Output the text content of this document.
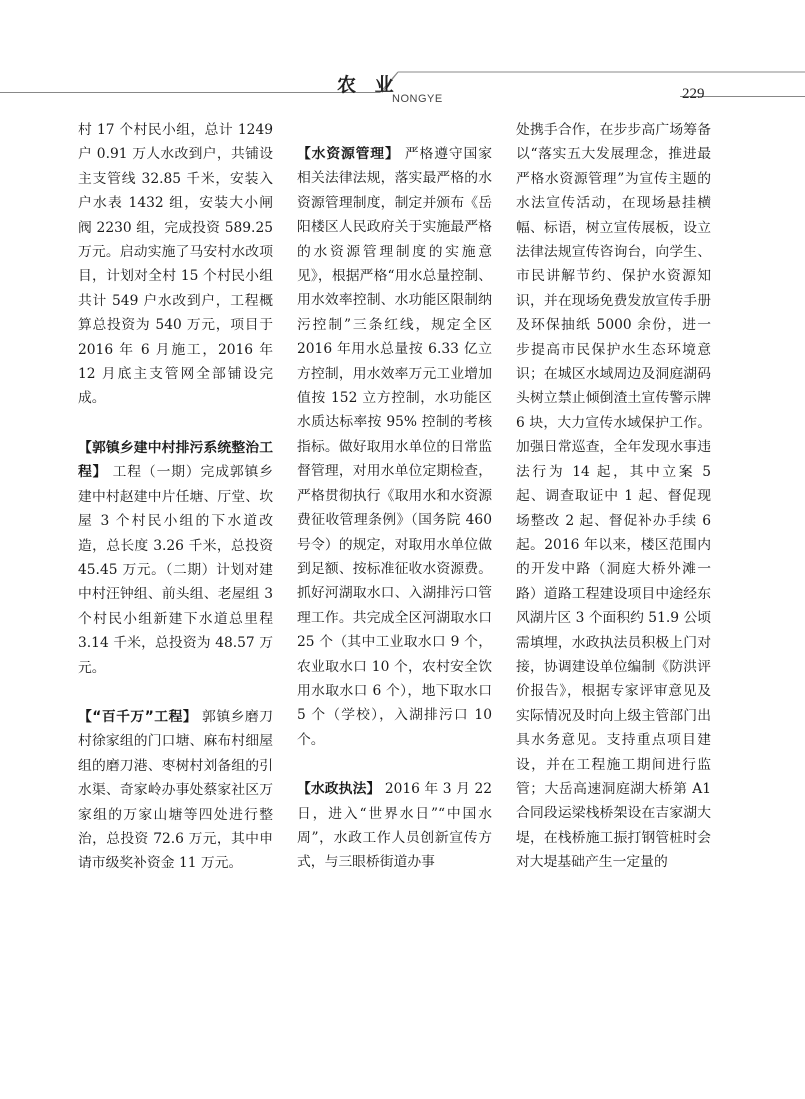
农 业
NONGYE	229

村 17 个村民小组，总计 1249 户 0.91 万人水改到户，共铺设主支管线 32.85 千米，安装入户水表 1432 组，安装大小闸阀 2230 组，完成投资 589.25 万元。启动实施了马安村水改项目，计划对全村 15 个村民小组共计 549 户水改到户，工程概算总投资为 540 万元，项目于 2016 年 6 月施工，2016 年 12 月底主支管网全部铺设完成。

【郭镇乡建中村排污系统整治工程】 工程（一期）完成郭镇乡建中村赵建中片任塘、厅堂、坎屋 3 个村民小组的下水道改造，总长度 3.26 千米，总投资 45.45 万元。（二期）计划对建中村汪钟组、前头组、老屋组 3 个村民小组新建下水道总里程 3.14 千米，总投资为 48.57 万元。

【“百千万”工程】 郭镇乡磨刀村徐家组的门口塘、麻布村细屋组的磨刀港、枣树村刘备组的引水渠、奇家岭办事处蔡家社区万家组的万家山塘等四处进行整治，总投资 72.6 万元，其中申请市级奖补资金 11 万元。

【水资源管理】 严格遵守国家相关法律法规，落实最严格的水资源管理制度，制定并颁布《岳阳楼区人民政府关于实施最严格的水资源管理制度的实施意见》，根据严格“用水总量控制、用水效率控制、水功能区限制纳污控制”三条红线，规定全区 2016 年用水总量按 6.33 亿立方控制，用水效率万元工业增加值按 152 立方控制，水功能区水质达标率按 95% 控制的考核指标。做好取用水单位的日常监督管理，对用水单位定期检查，严格贯彻执行《取用水和水资源费征收管理条例》（国务院 460 号令）的规定，对取用水单位做到足额、按标准征收水资源费。抓好河湖取水口、入湖排污口管理工作。共完成全区河湖取水口 25 个（其中工业取水口 9 个，农业取水口 10 个，农村安全饮用水取水口 6 个），地下取水口 5 个（学校），入湖排污口 10 个。

【水政执法】 2016 年 3 月 22 日，进入“世界水日”“中国水周”，水政工作人员创新宣传方式，与三眼桥街道办事

处携手合作，在步步高广场筹备以“落实五大发展理念，推进最严格水资源管理”为宣传主题的水法宣传活动，在现场悬挂横幅、标语，树立宣传展板，设立法律法规宣传咨询台，向学生、市民讲解节约、保护水资源知识，并在现场免费发放宣传手册及环保抽纸 5000 余份，进一步提高市民保护水生态环境意识；在城区水域周边及洞庭湖码头树立禁止倾倒渣土宣传警示牌 6 块，大力宣传水域保护工作。加强日常巡查，全年发现水事违法行为 14 起，其中立案 5 起、调查取证中 1 起、督促现场整改 2 起、督促补办手续 6 起。2016 年以来，楼区范围内的开发中路（洞庭大桥外滩一路）道路工程建设项目中途经东风湖片区 3 个面积约 51.9 公顷需填埋，水政执法员积极上门对接，协调建设单位编制《防洪评价报告》，根据专家评审意见及实际情况及时向上级主管部门出具水务意见。支持重点项目建设，并在工程施工期间进行监管；大岳高速洞庭湖大桥第 A1 合同段运梁栈桥架设在吉家湖大堤，在栈桥施工振打钢管桩时会对大堤基础产生一定量的
